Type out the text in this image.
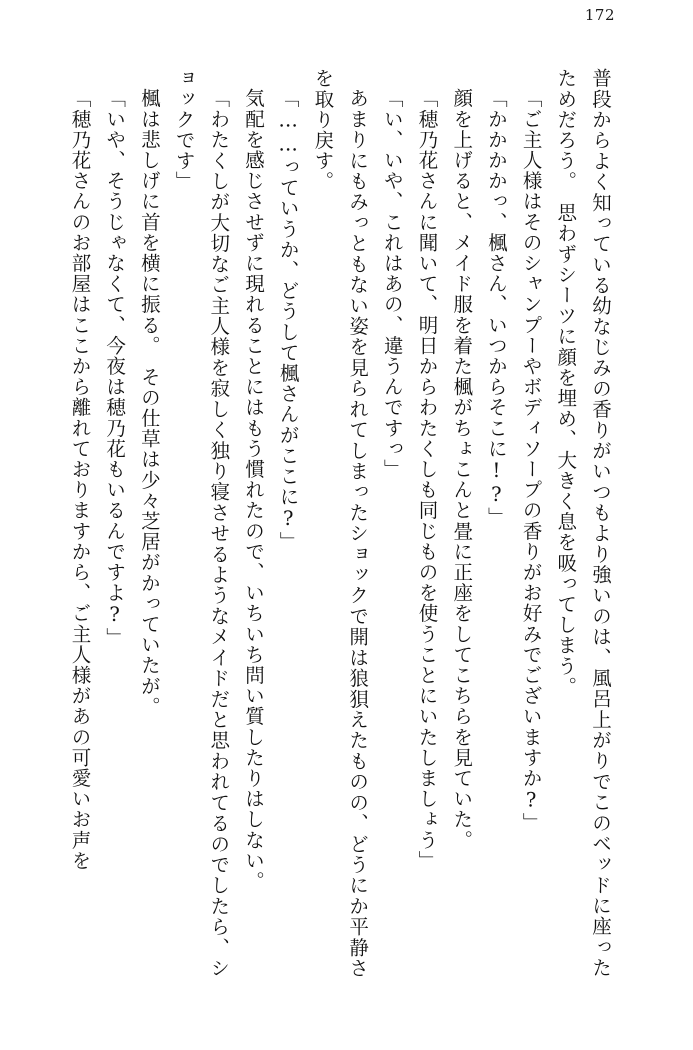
172

普段からよく知っている幼なじみの香りがいつもより強いのは、風呂上がりでこのベッドに座ったためだろう。　思わずシーツに顔を埋め、大きく息を吸ってしまう。

「ご主人様はそのシャンプーやボディソープの香りがお好みでございますか?」

「かかかかっ、楓さん、いつからそこに!?」

顔を上げると、メイド服を着た楓がちょこんと畳に正座をしてこちらを見ていた。

「穂乃花さんに聞いて、明日からわたくしも同じものを使うことにいたしましょう」

「い、いや、これはあの、違うんですっ」

あまりにもみっともない姿を見られてしまったショックで開は狼狽えたものの、どうにか平静さを取り戻す。

「……っていうか、どうして楓さんがここに?」

気配を感じさせずに現れることにはもう慣れたので、いちいち問い質したりはしない。

「わたくしが大切なご主人様を寂しく独り寝させるようなメイドだと思われてるのでしたら、ショックです」

楓は悲しげに首を横に振る。　その仕草は少々芝居がかっていたが。

「いや、そうじゃなくて、今夜は穂乃花もいるんですよ?」

「穂乃花さんのお部屋はここから離れておりますから、ご主人様があの可愛いお声を
